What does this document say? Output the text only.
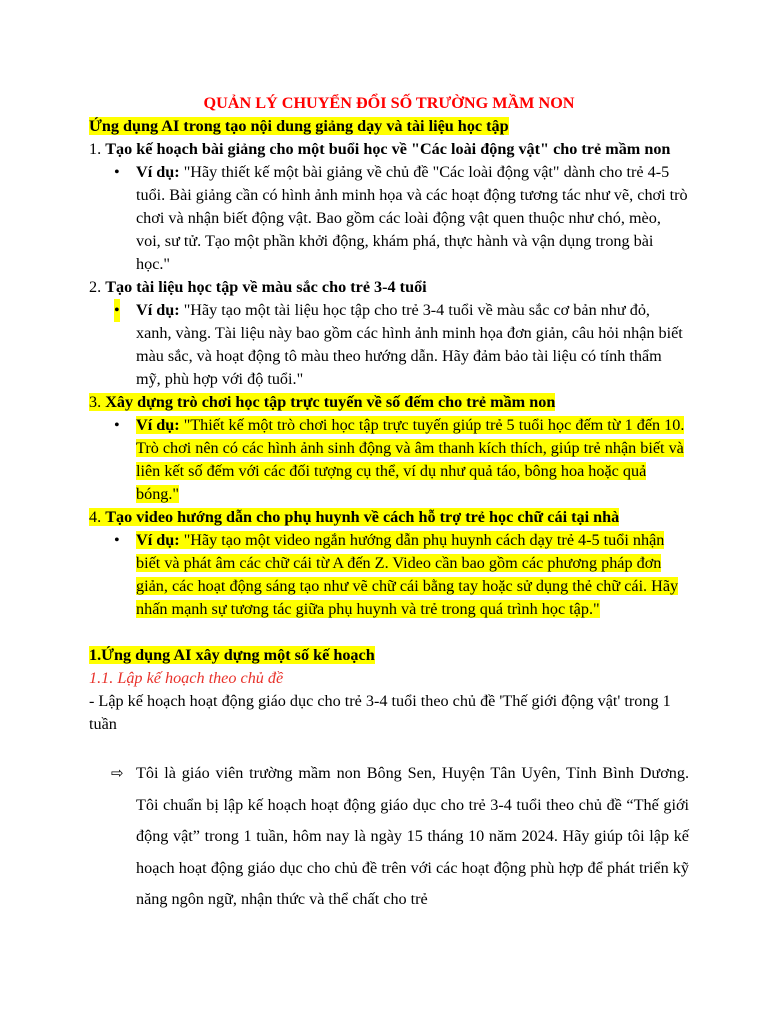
QUẢN LÝ CHUYỂN ĐỔI SỐ TRƯỜNG MẦM NON

Ứng dụng AI trong tạo nội dung giảng dạy và tài liệu học tập

1. Tạo kế hoạch bài giảng cho một buổi học về "Các loài động vật" cho trẻ mầm non

• Ví dụ: "Hãy thiết kế một bài giảng về chủ đề "Các loài động vật" dành cho trẻ 4-5 tuổi. Bài giảng cần có hình ảnh minh họa và các hoạt động tương tác như vẽ, chơi trò chơi và nhận biết động vật. Bao gồm các loài động vật quen thuộc như chó, mèo, voi, sư tử. Tạo một phần khởi động, khám phá, thực hành và vận dụng trong bài học."

2. Tạo tài liệu học tập về màu sắc cho trẻ 3-4 tuổi

• Ví dụ: "Hãy tạo một tài liệu học tập cho trẻ 3-4 tuổi về màu sắc cơ bản như đỏ, xanh, vàng. Tài liệu này bao gồm các hình ảnh minh họa đơn giản, câu hỏi nhận biết màu sắc, và hoạt động tô màu theo hướng dẫn. Hãy đảm bảo tài liệu có tính thẩm mỹ, phù hợp với độ tuổi."

3. Xây dựng trò chơi học tập trực tuyến về số đếm cho trẻ mầm non

• Ví dụ: "Thiết kế một trò chơi học tập trực tuyến giúp trẻ 5 tuổi học đếm từ 1 đến 10. Trò chơi nên có các hình ảnh sinh động và âm thanh kích thích, giúp trẻ nhận biết và liên kết số đếm với các đối tượng cụ thể, ví dụ như quả táo, bông hoa hoặc quả bóng."

4. Tạo video hướng dẫn cho phụ huynh về cách hỗ trợ trẻ học chữ cái tại nhà

• Ví dụ: "Hãy tạo một video ngắn hướng dẫn phụ huynh cách dạy trẻ 4-5 tuổi nhận biết và phát âm các chữ cái từ A đến Z. Video cần bao gồm các phương pháp đơn giản, các hoạt động sáng tạo như vẽ chữ cái bằng tay hoặc sử dụng thẻ chữ cái. Hãy nhấn mạnh sự tương tác giữa phụ huynh và trẻ trong quá trình học tập."

1.Ứng dụng AI xây dựng một số kế hoạch

1.1. Lập kế hoạch theo chủ đề

- Lập kế hoạch hoạt động giáo dục cho trẻ 3-4 tuổi theo chủ đề 'Thế giới động vật' trong 1 tuần

⇨ Tôi là giáo viên trường mầm non Bông Sen, Huyện Tân Uyên, Tỉnh Bình Dương. Tôi chuẩn bị lập kế hoạch hoạt động giáo dục cho trẻ 3-4 tuổi theo chủ đề “Thế giới động vật” trong 1 tuần, hôm nay là ngày 15 tháng 10 năm 2024. Hãy giúp tôi lập kế hoạch hoạt động giáo dục cho chủ đề trên với các hoạt động phù hợp để phát triển kỹ năng ngôn ngữ, nhận thức và thể chất cho trẻ
